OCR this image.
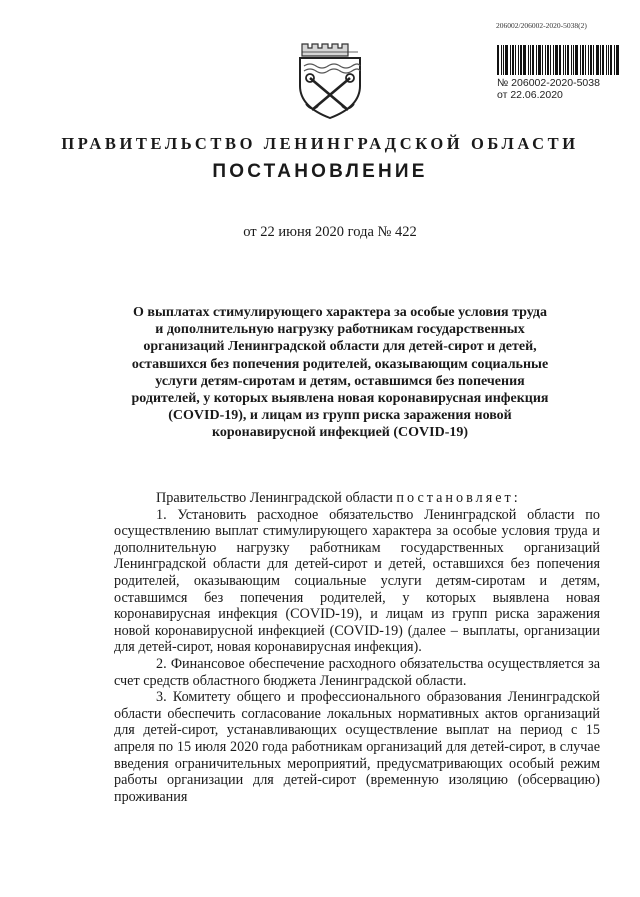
206002/206002-2020-5038(2)
№ 206002-2020-5038
от 22.06.2020
ПРАВИТЕЛЬСТВО ЛЕНИНГРАДСКОЙ ОБЛАСТИ
ПОСТАНОВЛЕНИЕ
от 22 июня 2020 года № 422
О выплатах стимулирующего характера за особые условия труда и дополнительную нагрузку работникам государственных организаций Ленинградской области для детей-сирот и детей, оставшихся без попечения родителей, оказывающим социальные услуги детям-сиротам и детям, оставшимся без попечения родителей, у которых выявлена новая коронавирусная инфекция (COVID-19), и лицам из групп риска заражения новой коронавирусной инфекцией (COVID-19)

Правительство Ленинградской области постановляет:

1. Установить расходное обязательство Ленинградской области по осуществлению выплат стимулирующего характера за особые условия труда и дополнительную нагрузку работникам государственных организаций Ленинградской области для детей-сирот и детей, оставшихся без попечения родителей, оказывающим социальные услуги детям-сиротам и детям, оставшимся без попечения родителей, у которых выявлена новая коронавирусная инфекция (COVID-19), и лицам из групп риска заражения новой коронавирусной инфекцией (COVID-19) (далее – выплаты, организации для детей-сирот, новая коронавирусная инфекция).

2. Финансовое обеспечение расходного обязательства осуществляется за счет средств областного бюджета Ленинградской области.

3. Комитету общего и профессионального образования Ленинградской области обеспечить согласование локальных нормативных актов организаций для детей-сирот, устанавливающих осуществление выплат на период с 15 апреля по 15 июля 2020 года работникам организаций для детей-сирот, в случае введения ограничительных мероприятий, предусматривающих особый режим работы организации для детей-сирот (временную изоляцию (обсервацию) проживания
